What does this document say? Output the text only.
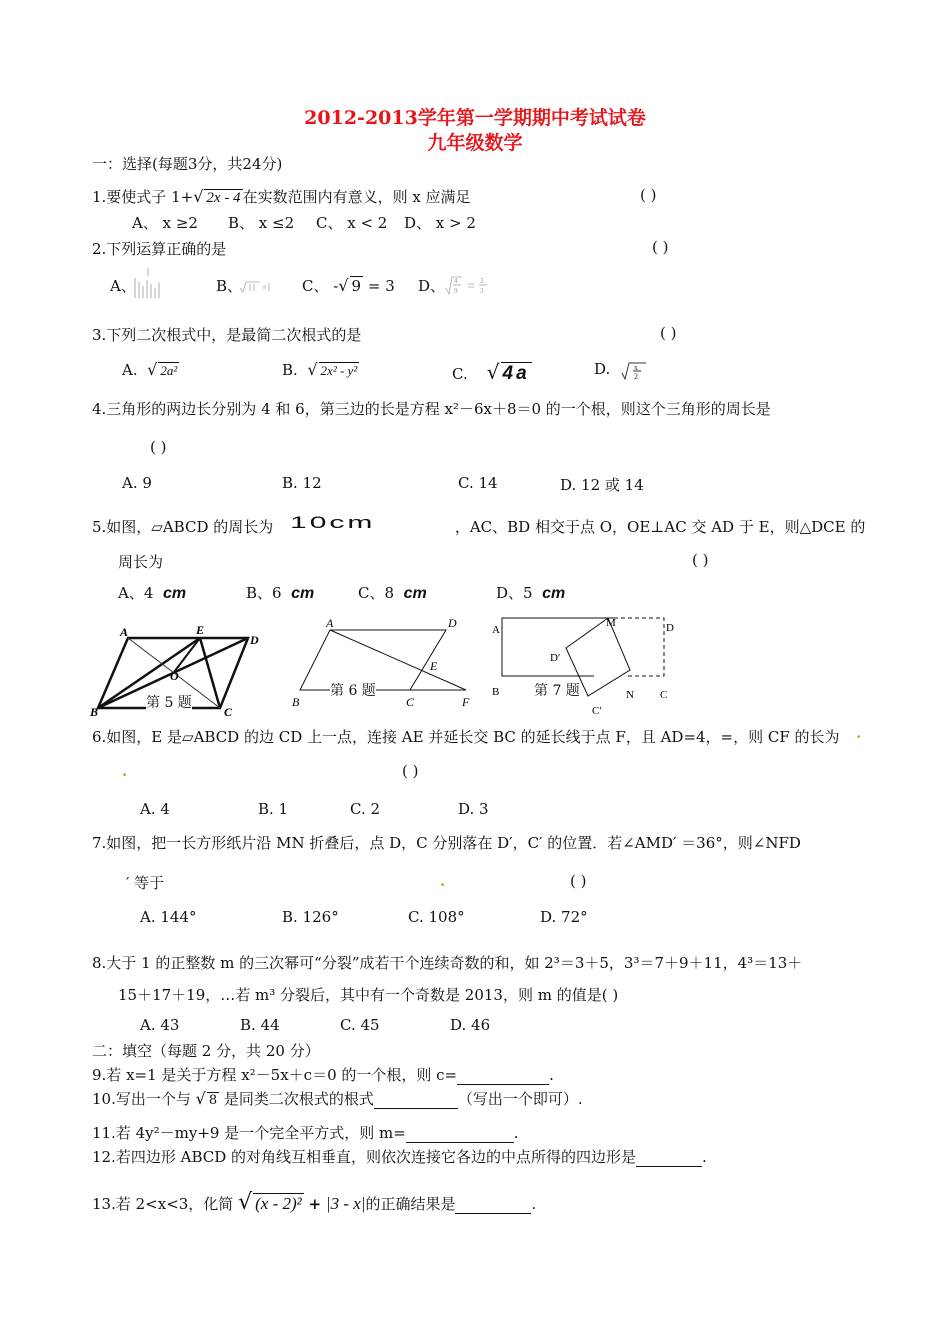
2012-2013学年第一学期期中考试试卷
九年级数学
一：选择(每题3分，共24分)
1.要使式子 1+√ 2x - 4 在实数范围内有意义，则 x 应满足	( )
A、 x ≥2 B、 x ≤2 C、 x < 2 D、 x > 2
2.下列运算正确的是	( )
A、	B、	C、 -√ 9 = 3 D、 4
9
2
3
3.下列二次根式中，是最简二次根式的是	( )
A. √ 2a²	B. √ 2x² - y²	C. √ 4a	D.	x
2
4.三角形的两边长分别为 4 和 6，第三边的长是方程 x²－6x＋8＝0 的一个根，则这个三角形的周长是
( )
A. 9	B. 12	C. 14	D. 12 或 14
5.如图，▱ABCD 的周长为 10cm	，AC、BD 相交于点 O，OE⊥AC 交 AD 于 E，则△DCE 的
周长为	( )
A、4 cm	B、6 cm	C、8 cm	D、5 cm
A	E
D
O
B	C
第 5 题
A	D
E
B	C	F
第 6 题
A
M	D
D′
B	N C
C′
第 7 题
6.如图，E 是▱ABCD 的边 CD 上一点，连接 AE 并延长交 BC 的延长线于点 F，且 AD=4，=，则 CF 的长为 .
.	( )
A. 4	B. 1	C. 2	D. 3
7.如图，把一长方形纸片沿 MN 折叠后，点 D，C 分别落在 D′，C′ 的位置．若∠AMD′ ＝36°，则∠NFD
′ 等于	.	( )
A. 144°	B. 126°	C. 108°	D. 72°
8.大于 1 的正整数 m 的三次幂可“分裂”成若干个连续奇数的和，如 2³＝3＋5，3³＝7＋9＋11，4³＝13＋
15＋17＋19，…若 m³ 分裂后，其中有一个奇数是 2013，则 m 的值是( )
A. 43	B. 44	C. 45	D. 46
二：填空（每题 2 分，共 20 分）
9.若 x=1 是关于方程 x²－5x＋c＝0 的一个根，则 c=	.
10.写出一个与 √ 8 是同类二次根式的根式	（写出一个即可）.
11.若 4y²－my+9 是一个完全平方式，则 m=	.
12.若四边形 ABCD 的对角线互相垂直，则依次连接它各边的中点所得的四边形是	.
13.若 2<x<3，化简 √ (x - 2)² + |3 - x|的正确结果是	.
